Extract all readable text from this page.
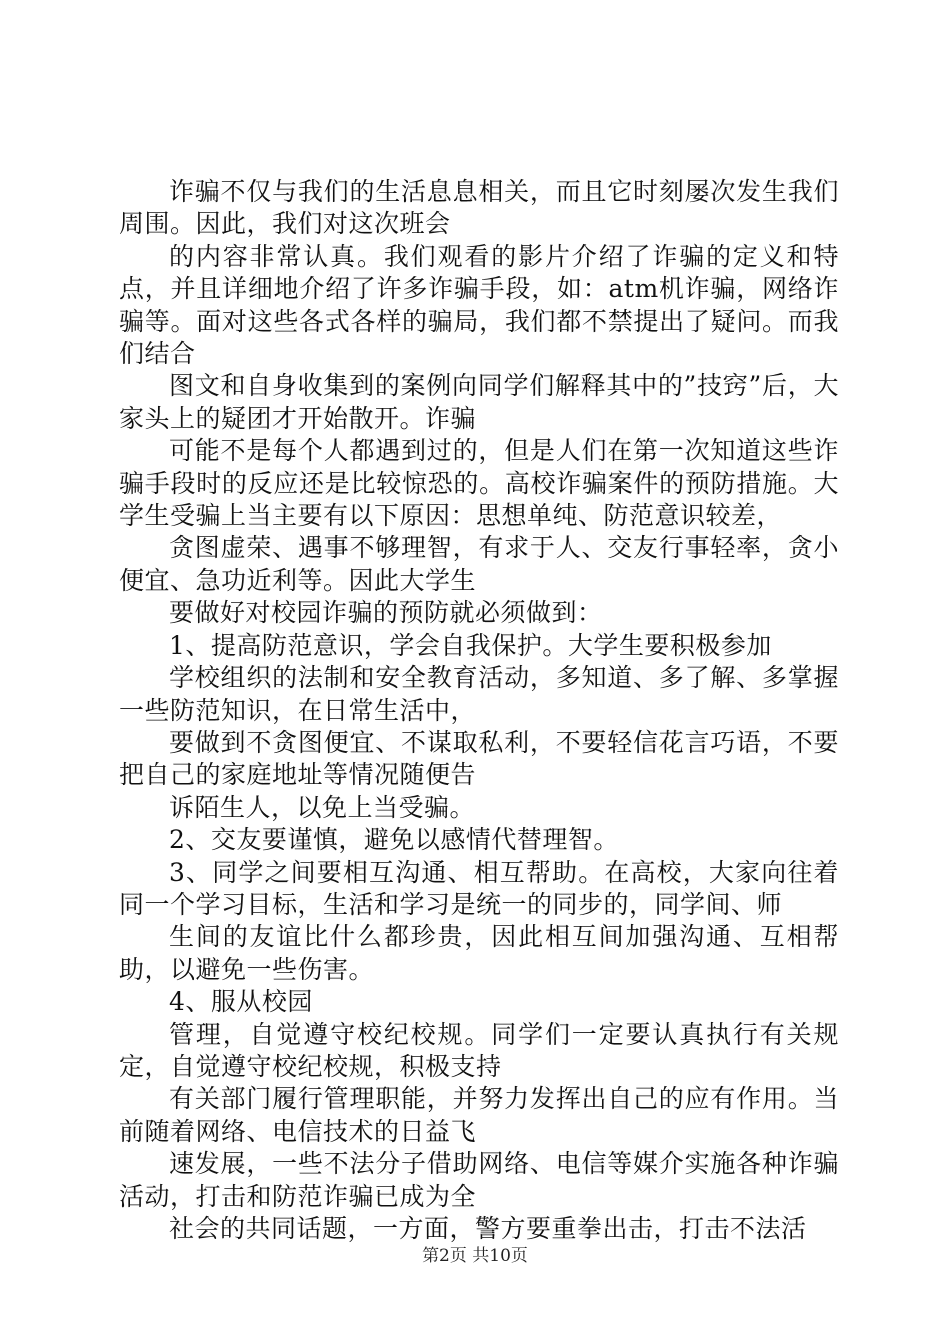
诈骗不仅与我们的生活息息相关，而且它时刻屡次发生我们周围。因此，我们对这次班会

的内容非常认真。我们观看的影片介绍了诈骗的定义和特点，并且详细地介绍了许多诈骗手段，如：atm机诈骗，网络诈骗等。面对这些各式各样的骗局，我们都不禁提出了疑问。而我们结合

图文和自身收集到的案例向同学们解释其中的”技窍”后，大家头上的疑团才开始散开。诈骗

可能不是每个人都遇到过的，但是人们在第一次知道这些诈骗手段时的反应还是比较惊恐的。高校诈骗案件的预防措施。大学生受骗上当主要有以下原因：思想单纯、防范意识较差，

贪图虚荣、遇事不够理智，有求于人、交友行事轻率，贪小便宜、急功近利等。因此大学生

要做好对校园诈骗的预防就必须做到：

1、提高防范意识，学会自我保护。大学生要积极参加

学校组织的法制和安全教育活动，多知道、多了解、多掌握一些防范知识，在日常生活中，

要做到不贪图便宜、不谋取私利，不要轻信花言巧语，不要把自己的家庭地址等情况随便告

诉陌生人，以免上当受骗。

2、交友要谨慎，避免以感情代替理智。

3、同学之间要相互沟通、相互帮助。在高校，大家向往着同一个学习目标，生活和学习是统一的同步的，同学间、师

生间的友谊比什么都珍贵，因此相互间加强沟通、互相帮助，以避免一些伤害。

4、服从校园

管理，自觉遵守校纪校规。同学们一定要认真执行有关规定，自觉遵守校纪校规，积极支持

有关部门履行管理职能，并努力发挥出自己的应有作用。当前随着网络、电信技术的日益飞

速发展，一些不法分子借助网络、电信等媒介实施各种诈骗活动，打击和防范诈骗已成为全

社会的共同话题，一方面，警方要重拳出击，打击不法活

第2页 共10页
